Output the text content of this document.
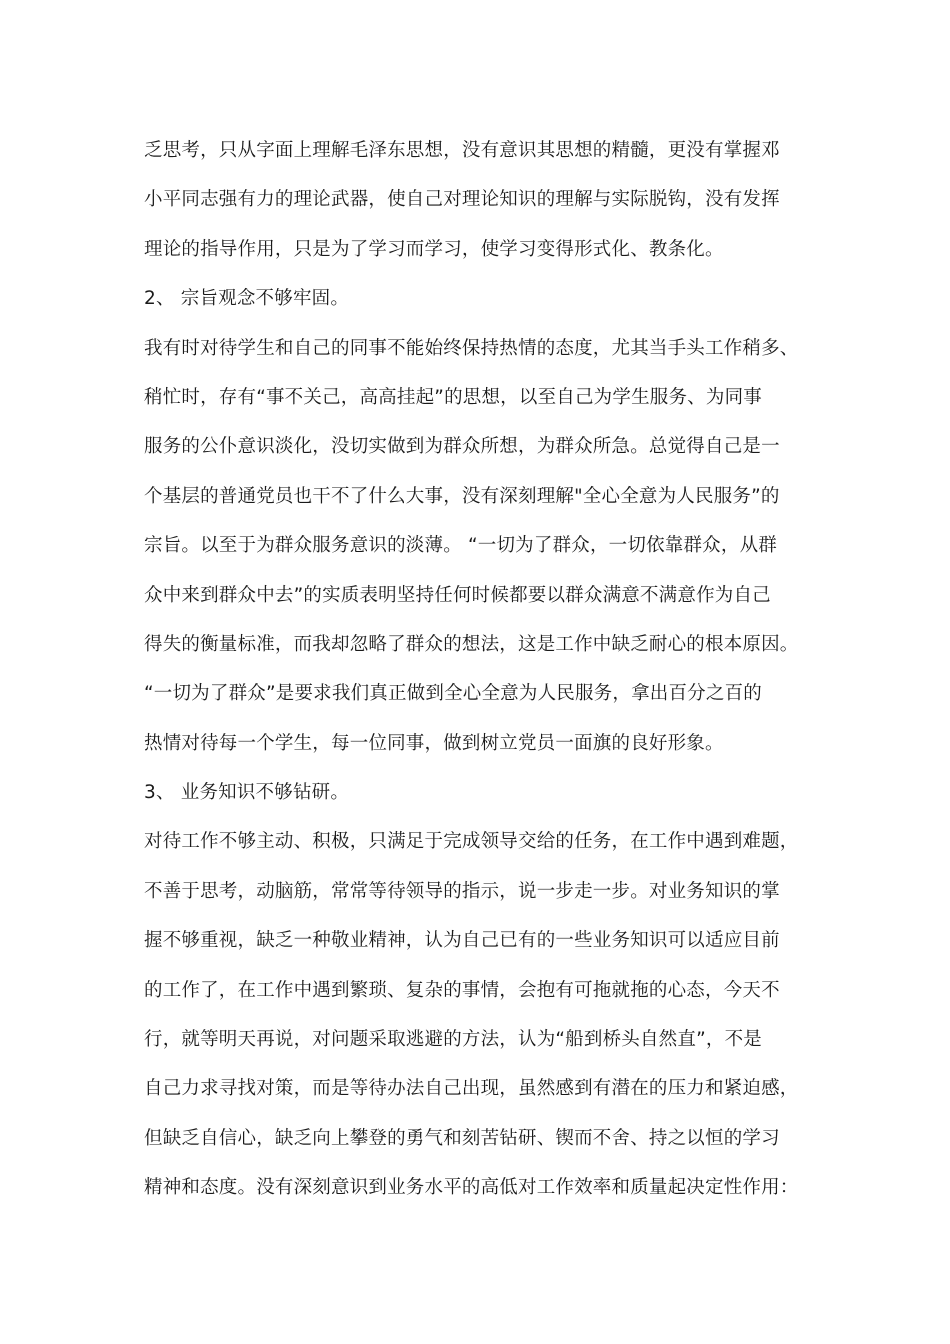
乏思考，只从字面上理解毛泽东思想，没有意识其思想的精髓，更没有掌握邓
小平同志强有力的理论武器，使自己对理论知识的理解与实际脱钩，没有发挥
理论的指导作用，只是为了学习而学习，使学习变得形式化、教条化。
2、 宗旨观念不够牢固。
我有时对待学生和自己的同事不能始终保持热情的态度，尤其当手头工作稍多、
稍忙时，存有“事不关己，高高挂起”的思想，以至自己为学生服务、为同事
服务的公仆意识淡化，没切实做到为群众所想，为群众所急。总觉得自己是一
个基层的普通党员也干不了什么大事，没有深刻理解"全心全意为人民服务”的
宗旨。以至于为群众服务意识的淡薄。 “一切为了群众，一切依靠群众，从群
众中来到群众中去”的实质表明坚持任何时候都要以群众满意不满意作为自己
得失的衡量标准，而我却忽略了群众的想法，这是工作中缺乏耐心的根本原因。
“一切为了群众”是要求我们真正做到全心全意为人民服务，拿出百分之百的
热情对待每一个学生，每一位同事，做到树立党员一面旗的良好形象。
3、 业务知识不够钻研。
对待工作不够主动、积极，只满足于完成领导交给的任务，在工作中遇到难题，
不善于思考，动脑筋，常常等待领导的指示，说一步走一步。对业务知识的掌
握不够重视，缺乏一种敬业精神，认为自己已有的一些业务知识可以适应目前
的工作了，在工作中遇到繁琐、复杂的事情，会抱有可拖就拖的心态，今天不
行，就等明天再说，对问题采取逃避的方法，认为“船到桥头自然直”，不是
自己力求寻找对策，而是等待办法自己出现，虽然感到有潜在的压力和紧迫感，
但缺乏自信心，缺乏向上攀登的勇气和刻苦钻研、锲而不舍、持之以恒的学习
精神和态度。没有深刻意识到业务水平的高低对工作效率和质量起决定性作用：
